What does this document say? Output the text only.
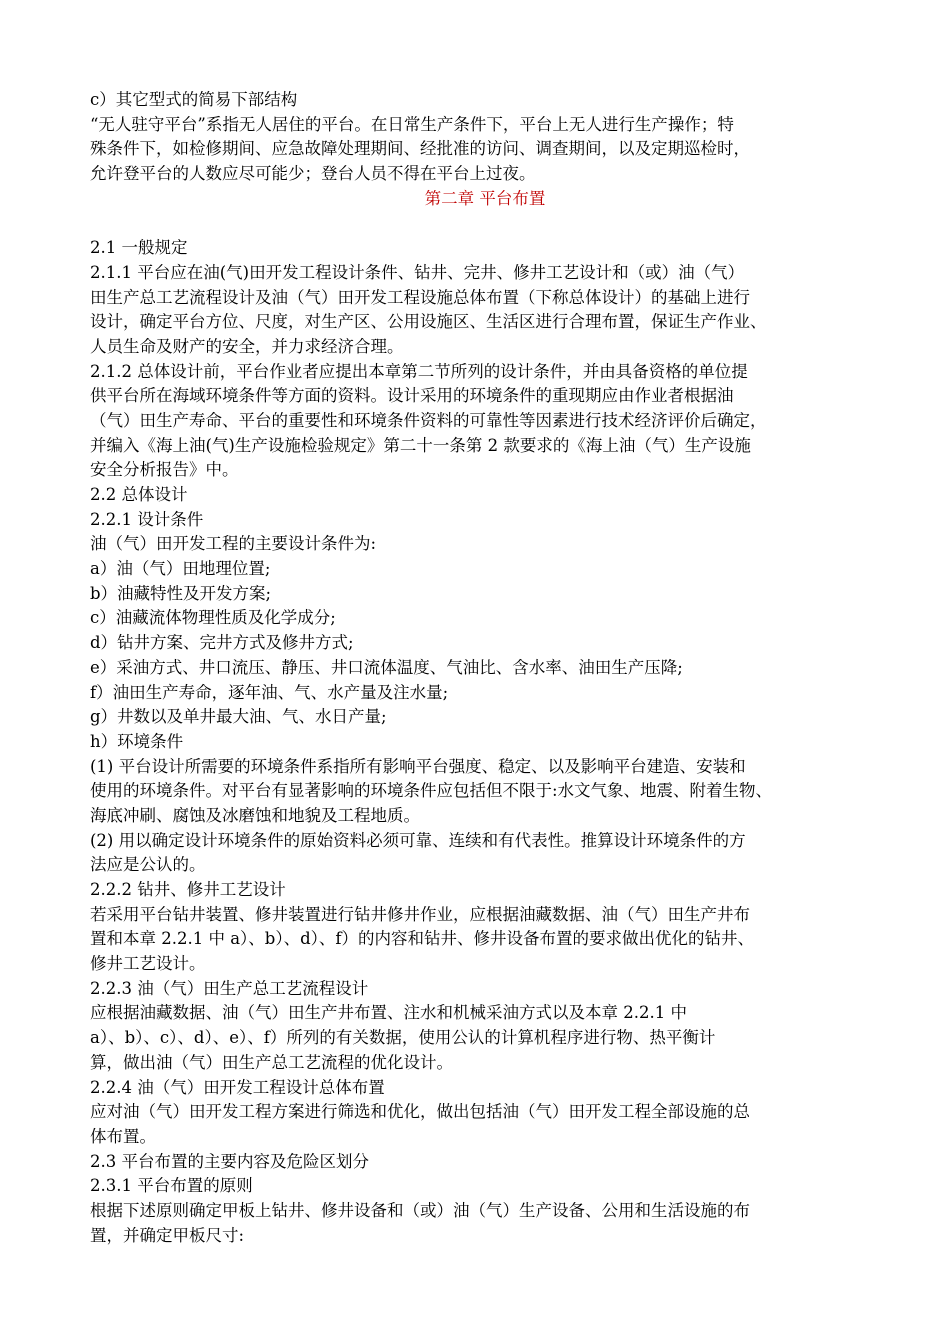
c）其它型式的简易下部结构
“无人驻守平台”系指无人居住的平台。在日常生产条件下，平台上无人进行生产操作；特
殊条件下，如检修期间、应急故障处理期间、经批准的访问、调查期间，以及定期巡检时，
允许登平台的人数应尽可能少；登台人员不得在平台上过夜。
第二章 平台布置
2.1 一般规定
2.1.1 平台应在油(气)田开发工程设计条件、钻井、完井、修井工艺设计和（或）油（气）
田生产总工艺流程设计及油（气）田开发工程设施总体布置（下称总体设计）的基础上进行
设计，确定平台方位、尺度，对生产区、公用设施区、生活区进行合理布置，保证生产作业、
人员生命及财产的安全，并力求经济合理。
2.1.2 总体设计前，平台作业者应提出本章第二节所列的设计条件，并由具备资格的单位提
供平台所在海域环境条件等方面的资料。设计采用的环境条件的重现期应由作业者根据油
（气）田生产寿命、平台的重要性和环境条件资料的可靠性等因素进行技术经济评价后确定，
并编入《海上油(气)生产设施检验规定》第二十一条第 2 款要求的《海上油（气）生产设施
安全分析报告》中。
2.2 总体设计
2.2.1 设计条件
油（气）田开发工程的主要设计条件为:
a）油（气）田地理位置;
b）油藏特性及开发方案;
c）油藏流体物理性质及化学成分;
d）钻井方案、完井方式及修井方式;
e）采油方式、井口流压、静压、井口流体温度、气油比、含水率、油田生产压降;
f）油田生产寿命，逐年油、气、水产量及注水量;
g）井数以及单井最大油、气、水日产量;
h）环境条件
(1) 平台设计所需要的环境条件系指所有影响平台强度、稳定、以及影响平台建造、安装和
使用的环境条件。对平台有显著影响的环境条件应包括但不限于:水文气象、地震、附着生物、
海底冲刷、腐蚀及冰磨蚀和地貌及工程地质。
(2) 用以确定设计环境条件的原始资料必须可靠、连续和有代表性。推算设计环境条件的方
法应是公认的。
2.2.2 钻井、修井工艺设计
若采用平台钻井装置、修井装置进行钻井修井作业，应根据油藏数据、油（气）田生产井布
置和本章 2.2.1 中 a）、b）、d）、f）的内容和钻井、修井设备布置的要求做出优化的钻井、
修井工艺设计。
2.2.3 油（气）田生产总工艺流程设计
应根据油藏数据、油（气）田生产井布置、注水和机械采油方式以及本章 2.2.1 中
a）、b）、c）、d）、e）、f）所列的有关数据，使用公认的计算机程序进行物、热平衡计
算，做出油（气）田生产总工艺流程的优化设计。
2.2.4 油（气）田开发工程设计总体布置
应对油（气）田开发工程方案进行筛选和优化，做出包括油（气）田开发工程全部设施的总
体布置。
2.3 平台布置的主要内容及危险区划分
2.3.1 平台布置的原则
根据下述原则确定甲板上钻井、修井设备和（或）油（气）生产设备、公用和生活设施的布
置，并确定甲板尺寸:
